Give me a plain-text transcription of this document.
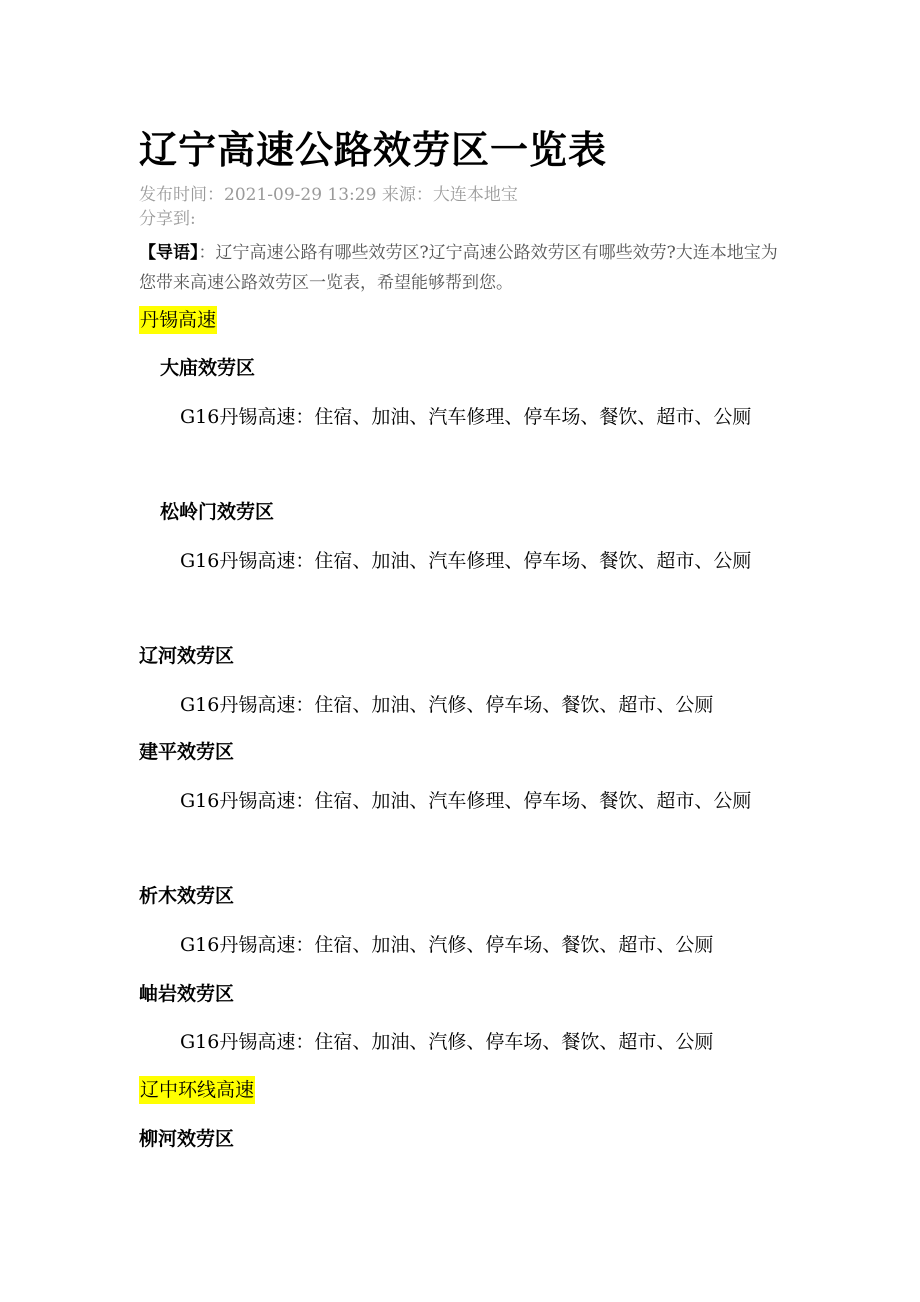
辽宁高速公路效劳区一览表
发布时间：2021-09-29 13:29 来源：大连本地宝
分享到:
【导语】：辽宁高速公路有哪些效劳区?辽宁高速公路效劳区有哪些效劳?大连本地宝为您带来高速公路效劳区一览表，希望能够帮到您。
丹锡高速
大庙效劳区
G16丹锡高速：住宿、加油、汽车修理、停车场、餐饮、超市、公厕
松岭门效劳区
G16丹锡高速：住宿、加油、汽车修理、停车场、餐饮、超市、公厕
辽河效劳区
G16丹锡高速：住宿、加油、汽修、停车场、餐饮、超市、公厕
建平效劳区
G16丹锡高速：住宿、加油、汽车修理、停车场、餐饮、超市、公厕
析木效劳区
G16丹锡高速：住宿、加油、汽修、停车场、餐饮、超市、公厕
岫岩效劳区
G16丹锡高速：住宿、加油、汽修、停车场、餐饮、超市、公厕
辽中环线高速
柳河效劳区
